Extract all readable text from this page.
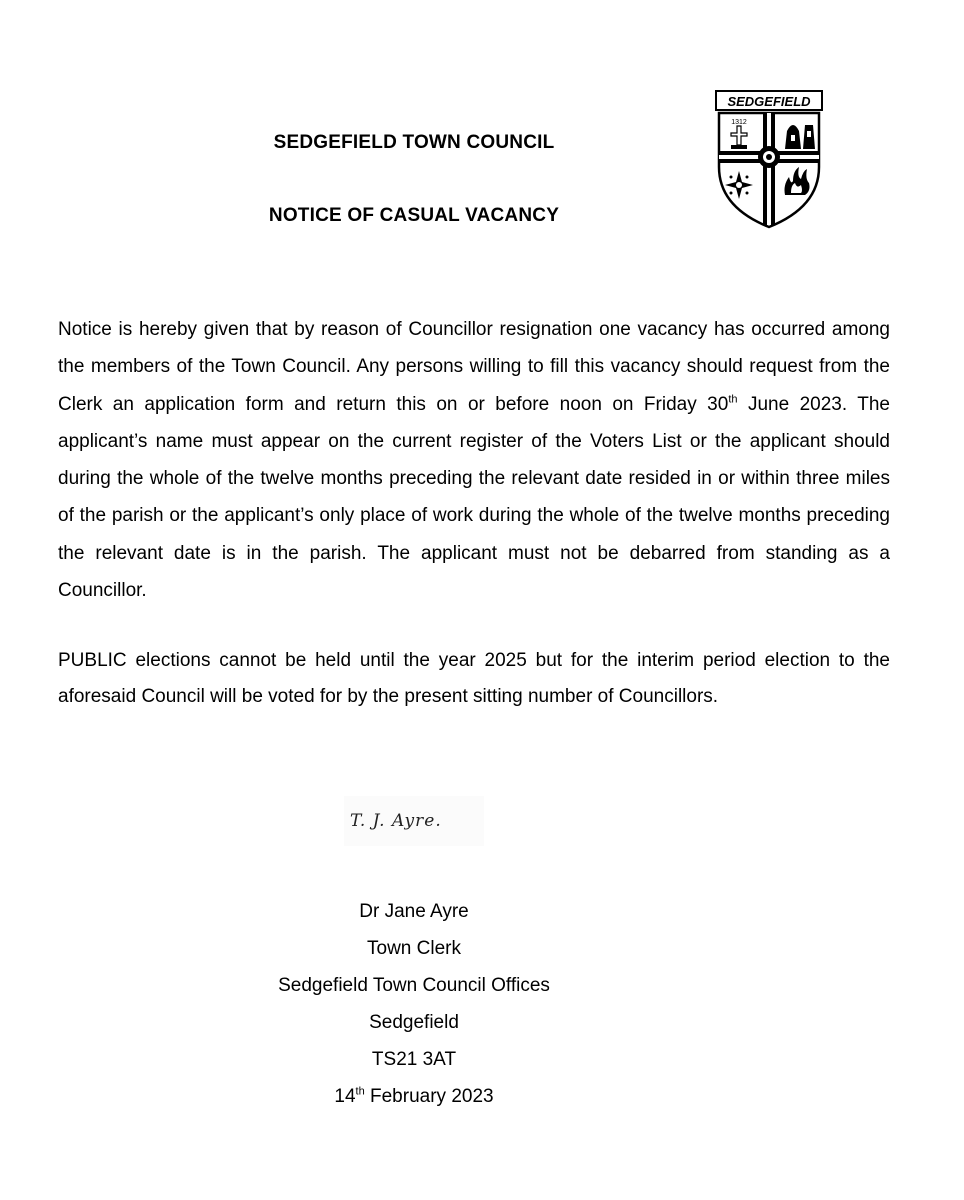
SEDGEFIELD TOWN COUNCIL
NOTICE OF CASUAL VACANCY
SEDGEFIELD
1312

Notice is hereby given that by reason of Councillor resignation one vacancy has occurred among the members of the Town Council. Any persons willing to fill this vacancy should request from the Clerk an application form and return this on or before noon on Friday 30th June 2023. The applicant’s name must appear on the current register of the Voters List or the applicant should during the whole of the twelve months preceding the relevant date resided in or within three miles of the parish or the applicant’s only place of work during the whole of the twelve months preceding the relevant date is in the parish. The applicant must not be debarred from standing as a Councillor.

PUBLIC elections cannot be held until the year 2025 but for the interim period election to the aforesaid Council will be voted for by the present sitting number of Councillors.

T. J. Ayre.
Dr Jane Ayre
Town Clerk
Sedgefield Town Council Offices
Sedgefield
TS21 3AT
14th February 2023
